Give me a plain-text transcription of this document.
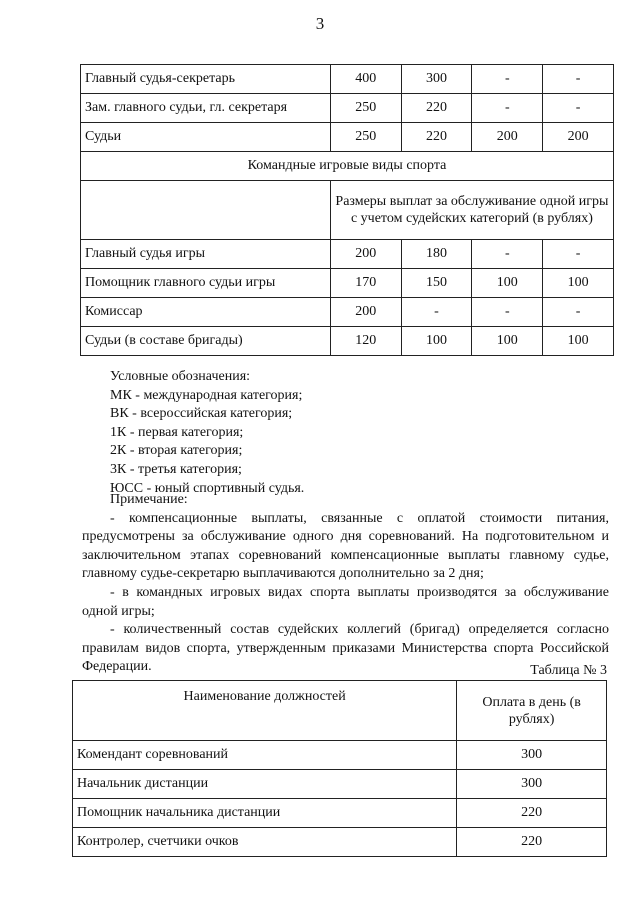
3
Главный судья-секретарь	400	300	-	-
Зам. главного судьи, гл. секретаря	250	220	-	-
Судьи	250	220	200	200
Командные игровые виды спорта				
	Размеры выплат за обслуживание одной игры с учетом судейских категорий (в рублях)			
Главный судья игры	200	180	-	-
Помощник главного судьи игры	170	150	100	100
Комиссар	200	-	-	-
Судьи (в составе бригады)	120	100	100	100
Условные обозначения:
МК - международная категория;
ВК - всероссийская категория;
1К - первая категория;
2К - вторая категория;
3К - третья категория;
ЮСС - юный спортивный судья.
Примечание:
- компенсационные выплаты, связанные с оплатой стоимости питания, предусмотрены за обслуживание одного дня соревнований. На подготовительном и заключительном этапах соревнований компенсационные выплаты главному судье, главному судье-секретарю выплачиваются дополнительно за 2 дня;
- в командных игровых видах спорта выплаты производятся за обслуживание одной игры;
- количественный состав судейских коллегий (бригад) определяется согласно правилам видов спорта, утвержденным приказами Министерства спорта Российской Федерации.	Таблица № 3
Наименование должностей	Оплата в день (в рублях)
Комендант соревнований	300
Начальник дистанции	300
Помощник начальника дистанции	220
Контролер, счетчики очков	220
